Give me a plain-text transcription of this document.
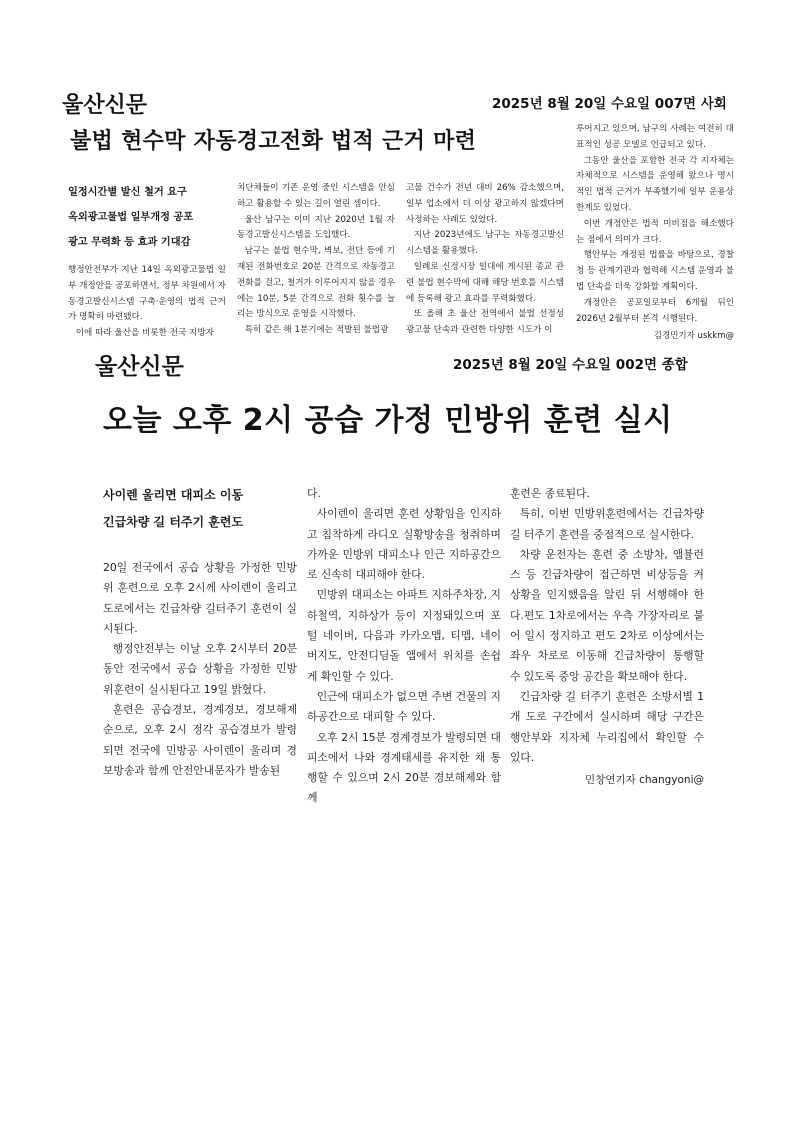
울산신문	2025년 8월 20일 수요일 007면 사회
불법 현수막 자동경고전화 법적 근거 마련
일정시간별 발신 철거 요구
옥외광고물법 일부개정 공포
광고 무력화 등 효과 기대감

행정안전부가 지난 14일 옥외광고물법 일부 개정안을 공포하면서, 정부 차원에서 자동경고발신시스템 구축·운영의 법적 근거가 명확히 마련됐다.

이에 따라 울산을 비롯한 전국 지방자

치단체들이 기존 운영 중인 시스템을 안심하고 활용할 수 있는 길이 열린 셈이다.

울산 남구는 이미 지난 2020년 1월 자동경고발신시스템을 도입했다.

남구는 불법 현수막, 벽보, 전단 등에 기재된 전화번호로 20분 간격으로 자동경고 전화를 걸고, 철거가 이루어지지 않을 경우에는 10분, 5분 간격으로 전화 횟수를 늘리는 방식으로 운영을 시작했다.

특히 같은 해 1분기에는 적발된 불법광

고물 건수가 전년 대비 26% 감소했으며, 일부 업소에서 더 이상 광고하지 않겠다며 사정하는 사례도 있었다.

지난 2023년에도 남구는 자동경고발신시스템을 활용했다.

일례로 신정시장 일대에 게시된 종교 관련 불법 현수막에 대해 해당 번호를 시스템에 등록해 광고 효과를 무력화했다.

또 올해 초 울산 전역에서 불법 선정성 광고물 단속과 관련한 다양한 시도가 이

루어지고 있으며, 남구의 사례는 여전히 대표적인 성공 모델로 언급되고 있다.

그동안 울산을 포함한 전국 각 지자체는 자체적으로 시스템을 운영해 왔으나 명시적인 법적 근거가 부족했기에 일부 운용상 한계도 있었다.

이번 개정안은 법적 미비점을 해소했다는 점에서 의미가 크다.

행안부는 개정된 법률을 바탕으로, 경찰청 등 관계기관과 협력해 시스템 운영과 불법 단속을 더욱 강화할 계획이다.

개정안은 공포일로부터 6개월 뒤인 2026년 2월부터 본격 시행된다.

김경민기자 uskkm@
울산신문	2025년 8월 20일 수요일 002면 종합
오늘 오후 2시 공습 가정 민방위 훈련 실시
사이렌 울리면 대피소 이동
긴급차량 길 터주기 훈련도

20일 전국에서 공습 상황을 가정한 민방위 훈련으로 오후 2시께 사이렌이 울리고 도로에서는 긴급차량 길터주기 훈련이 실시된다.

행정안전부는 이날 오후 2시부터 20분 동안 전국에서 공습 상황을 가정한 민방위훈련이 실시된다고 19일 밝혔다.

훈련은 공습경보, 경계경보, 경보해제 순으로, 오후 2시 정각 공습경보가 발령되면 전국에 민방공 사이렌이 울리며 경보방송과 함께 안전안내문자가 발송된

다.

사이렌이 울리면 훈련 상황임을 인지하고 침착하게 라디오 실황방송을 청취하며 가까운 민방위 대피소나 인근 지하공간으로 신속히 대피해야 한다.

민방위 대피소는 아파트 지하주차장, 지하철역, 지하상가 등이 지정돼있으며 포털 네이버, 다음과 카카오맵, 티맵, 네이버지도, 안전디딤돌 앱에서 위치를 손쉽게 확인할 수 있다.

인근에 대피소가 없으면 주변 건물의 지하공간으로 대피할 수 있다.

오후 2시 15분 경계경보가 발령되면 대피소에서 나와 경계태세를 유지한 채 통행할 수 있으며 2시 20분 경보해제와 함께

훈련은 종료된다.

특히, 이번 민방위훈련에서는 긴급차량 길 터주기 훈련을 중점적으로 실시한다.

차량 운전자는 훈련 중 소방차, 앰뷸런스 등 긴급차량이 접근하면 비상등을 켜 상황을 인지했음을 알린 뒤 서행해야 한다.편도 1차로에서는 우측 가장자리로 붙어 일시 정지하고 편도 2차로 이상에서는 좌우 차로로 이동해 긴급차량이 통행할 수 있도록 중앙 공간을 확보해야 한다.

긴급차량 길 터주기 훈련은 소방서별 1개 도로 구간에서 실시하며 해당 구간은 행안부와 지자체 누리집에서 확인할 수 있다.

민창연기자 changyoni@
